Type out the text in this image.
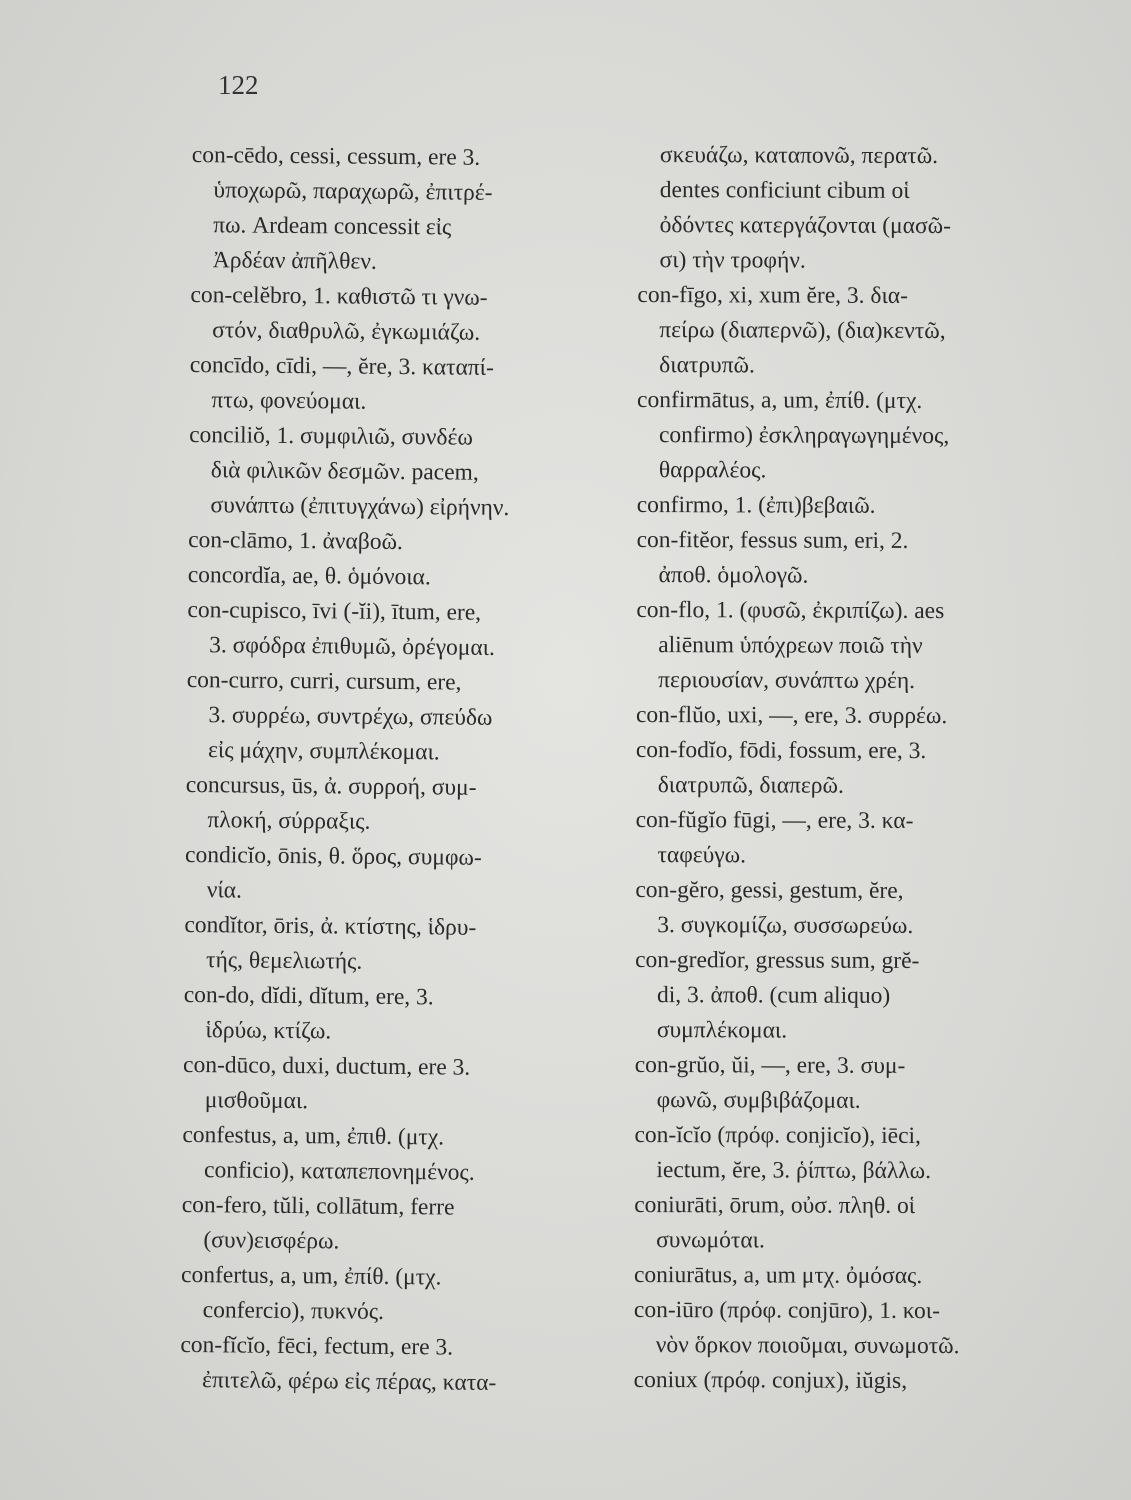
122
con-cēdo, cessi, cessum, ere 3.
ὑποχωρῶ, παραχωρῶ, ἐπιτρέ-
πω. Ardeam concessit εἰς
Ἀρδέαν ἀπῆλθεν.
con-celĕbro, 1. καθιστῶ τι γνω-
στόν, διαθρυλῶ, ἐγκωμιάζω.
concīdo, cīdi, —, ĕre, 3. καταπί-
πτω, φονεύομαι.
conciliŏ, 1. συμφιλιῶ, συνδέω
διὰ φιλικῶν δεσμῶν. pacem,
συνάπτω (ἐπιτυγχάνω) εἰρήνην.
con-clāmo, 1. ἀναβοῶ.
concordĭa, ae, θ. ὁμόνοια.
con-cupisco, īvi (-ĭi), ītum, ere,
3. σφόδρα ἐπιθυμῶ, ὀρέγομαι.
con-curro, curri, cursum, ere,
3. συρρέω, συντρέχω, σπεύδω
εἰς μάχην, συμπλέκομαι.
concursus, ūs, ἀ. συρροή, συμ-
πλοκή, σύρραξις.
condicĭo, ōnis, θ. ὅρος, συμφω-
νία.
condĭtor, ōris, ἀ. κτίστης, ἱδρυ-
τής, θεμελιωτής.
con-do, dĭdi, dĭtum, ere, 3.
ἱδρύω, κτίζω.
con-dūco, duxi, ductum, ere 3.
μισθοῦμαι.
confestus, a, um, ἐπιθ. (μτχ.
conficio), καταπεπονημένος.
con-fero, tŭli, collātum, ferre
(συν)εισφέρω.
confertus, a, um, ἐπίθ. (μτχ.
confercio), πυκνός.
con-fĭcĭo, fēci, fectum, ere 3.
ἐπιτελῶ, φέρω εἰς πέρας, κατα-
σκευάζω, καταπονῶ, περατῶ.
dentes conficiunt cibum οἱ
ὀδόντες κατεργάζονται (μασῶ-
σι) τὴν τροφήν.
con-fīgo, xi, xum ĕre, 3. δια-
πείρω (διαπερνῶ), (δια)κεντῶ,
διατρυπῶ.
confirmātus, a, um, ἐπίθ. (μτχ.
confirmo) ἐσκληραγωγημένος,
θαρραλέος.
confirmo, 1. (ἐπι)βεβαιῶ.
con-fitĕor, fessus sum, eri, 2.
ἀποθ. ὁμολογῶ.
con-flo, 1. (φυσῶ, ἐκριπίζω). aes
aliēnum ὑπόχρεων ποιῶ τὴν
περιουσίαν, συνάπτω χρέη.
con-flŭo, uxi, —, ere, 3. συρρέω.
con-fodĭo, fōdi, fossum, ere, 3.
διατρυπῶ, διαπερῶ.
con-fŭgĭo fūgi, —, ere, 3. κα-
ταφεύγω.
con-gĕro, gessi, gestum, ĕre,
3. συγκομίζω, συσσωρεύω.
con-gredĭor, gressus sum, grĕ-
di, 3. ἀποθ. (cum aliquo)
συμπλέκομαι.
con-grŭo, ŭi, —, ere, 3. συμ-
φωνῶ, συμβιβάζομαι.
con-ĭcĭo (πρόφ. conjicĭo), iēci,
iectum, ĕre, 3. ῥίπτω, βάλλω.
coniurāti, ōrum, οὐσ. πληθ. οἱ
συνωμόται.
coniurātus, a, um μτχ. ὀμόσας.
con-iūro (πρόφ. conjūro), 1. κοι-
νὸν ὅρκον ποιοῦμαι, συνωμοτῶ.
coniux (πρόφ. conjux), iŭgis,
